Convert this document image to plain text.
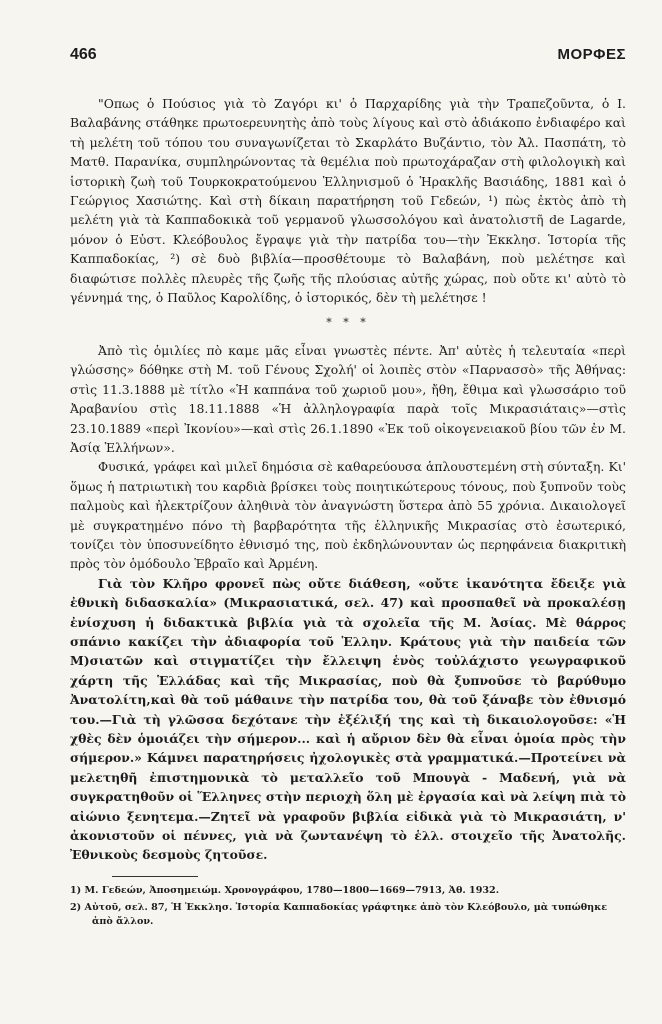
466	ΜΟΡΦΕΣ

"Οπως ὁ Πούσιος γιὰ τὸ Ζαγόρι κι' ὁ Παρχαρίδης γιὰ τὴν Τραπεζοῦντα, ὁ Ι. Βαλαβάνης στάθηκε πρωτοερευνητὴς ἀπὸ τοὺς λίγους καὶ στὸ ἀδιάκοπο ἐνδιαφέρο καὶ τὴ μελέτη τοῦ τόπου του συναγωνίζεται τὸ Σκαρλάτο Βυζάντιο, τὸν Ἀλ. Πασπάτη, τὸ Ματθ. Παρανίκα, συμπληρώνοντας τὰ θεμέλια ποὺ πρωτοχάραζαν στὴ φιλολογικὴ καὶ ἱστορικὴ ζωὴ τοῦ Τουρκοκρατούμενου Ἑλληνισμοῦ ὁ Ἡρακλῆς Βασιάδης, 1881 καὶ ὁ Γεώργιος Χασιώτης. Καὶ στὴ δίκαιη παρατήρηση τοῦ Γεδεών, ¹) πὼς ἐκτὸς ἀπὸ τὴ μελέτη γιὰ τὰ Καππαδοκικὰ τοῦ γερμανοῦ γλωσσολόγου καὶ ἀνατολιστῆ de Lagarde, μόνον ὁ Εὐστ. Κλεόβουλος ἔγραψε γιὰ τὴν πατρίδα του—τὴν Ἐκκλησ. Ἱστορία τῆς Καππαδοκίας, ²) σὲ δυὸ βιβλία—προσθέτουμε τὸ Βαλαβάνη, ποὺ μελέτησε καὶ διαφώτισε πολλὲς πλευρὲς τῆς ζωῆς τῆς πλούσιας αὐτῆς χώρας, ποὺ οὔτε κι' αὐτὸ τὸ γέννημά της, ὁ Παῦλος Καρολίδης, ὁ ἱστορικός, δὲν τὴ μελέτησε !

* * *

Ἀπὸ τὶς ὁμιλίες πὸ καμε μᾶς εἶναι γνωστὲς πέντε. Ἀπ' αὐτὲς ἡ τελευταία «περὶ γλώσσης» δόθηκε στὴ Μ. τοῦ Γένους Σχολή' οἱ λοιπὲς στὸν «Παρνασσὸ» τῆς Ἀθήνας: στὶς 11.3.1888 μὲ τίτλο «Ἡ καππάνα τοῦ χωριοῦ μου», ἤθη, ἔθιμα καὶ γλωσσάριο τοῦ Ἀραβανίου στὶς 18.11.1888 «Ἡ ἀλληλογραφία παρὰ τοῖς Μικρασιάταις»—στὶς 23.10.1889 «περὶ Ἰκονίου»—καὶ στὶς 26.1.1890 «Ἐκ τοῦ οἰκογενειακοῦ βίου τῶν ἐν Μ. Ἀσίᾳ Ἑλλήνων».

Φυσικά, γράφει καὶ μιλεῖ δημόσια σὲ καθαρεύουσα ἁπλουστεμένη στὴ σύνταξη. Κι' ὅμως ἡ πατριωτικὴ του καρδιὰ βρίσκει τοὺς ποιητικώτερους τόνους, ποὺ ξυπνοῦν τοὺς παλμοὺς καὶ ἠλεκτρίζουν ἀληθινὰ τὸν ἀναγνώστη ὕστερα ἀπὸ 55 χρόνια. Δικαιολογεῖ μὲ συγκρατημένο πόνο τὴ βαρβαρότητα τῆς ἑλληνικῆς Μικρασίας στὸ ἐσωτερικό, τονίζει τὸν ὑποσυνείδητο ἐθνισμό της, ποὺ ἐκδηλώνουνταν ὡς περηφάνεια διακριτικὴ πρὸς τὸν ὁμόδουλο Ἑβραῖο καὶ Ἀρμένη.

Γιὰ τὸν Κλῆρο φρονεῖ πὼς οὔτε διάθεση, «οὔτε ἱκανότητα ἔδειξε γιὰ ἐθνικὴ διδασκαλία» (Μικρασιατικά, σελ. 47) καὶ προσπαθεῖ νὰ προκαλέσῃ ἐνίσχυση ἡ διδακτικὰ βιβλία γιὰ τὰ σχολεῖα τῆς Μ. Ἀσίας. Μὲ θάρρος σπάνιο κακίζει τὴν ἀδιαφορία τοῦ Ἑλλην. Κράτους γιὰ τὴν παιδεία τῶν Μ)σιατῶν καὶ στιγματίζει τὴν ἔλλειψη ἑνὸς τοὐλάχιστο γεωγραφικοῦ χάρτη τῆς Ἑλλάδας καὶ τῆς Μικρασίας, ποὺ θὰ ξυπνοῦσε τὸ βαρύθυμο Ἀνατολίτη,καὶ θὰ τοῦ μάθαινε τὴν πατρίδα του, θὰ τοῦ ξάναβε τὸν ἐθνισμό του.—Γιὰ τὴ γλῶσσα δεχότανε τὴν ἐξέλιξή της καὶ τὴ δικαιολογοῦσε: «Ἡ χθὲς δὲν ὁμοιάζει τὴν σήμερον... καὶ ἡ αὔριον δὲν θὰ εἶναι ὁμοία πρὸς τὴν σήμερον.» Κάμνει παρατηρήσεις ἠχολογικὲς στὰ γραμματικά.—Προτείνει νὰ μελετηθῆ ἐπιστημονικὰ τὸ μεταλλεῖο τοῦ Μπουγὰ - Μαδενή, γιὰ νὰ συγκρατηθοῦν οἱ Ἕλληνες στὴν περιοχὴ ὅλη μὲ ἐργασία καὶ νὰ λείψη πιὰ τὸ αἰώνιο ξενητεμα.—Ζητεῖ νὰ γραφοῦν βιβλία εἰδικὰ γιὰ τὸ Μικρασιάτη, ν' ἀκονιστοῦν οἱ πέννες, γιὰ νὰ ζωντανέψη τὸ ἑλλ. στοιχεῖο τῆς Ἀνατολῆς. Ἐθνικοὺς δεσμοὺς ζητοῦσε.

1) Μ. Γεδεών, Ἀποσημειώμ. Χρονογράφου, 1780—1800—1669—7913, Ἀθ. 1932.

2) Αὐτοῦ, σελ. 87, Ἡ Ἐκκλησ. Ἱστορία Καππαδοκίας γράφτηκε ἀπὸ τὸν Κλεόβουλο, μὰ τυπώθηκε ἀπὸ ἄλλον.
